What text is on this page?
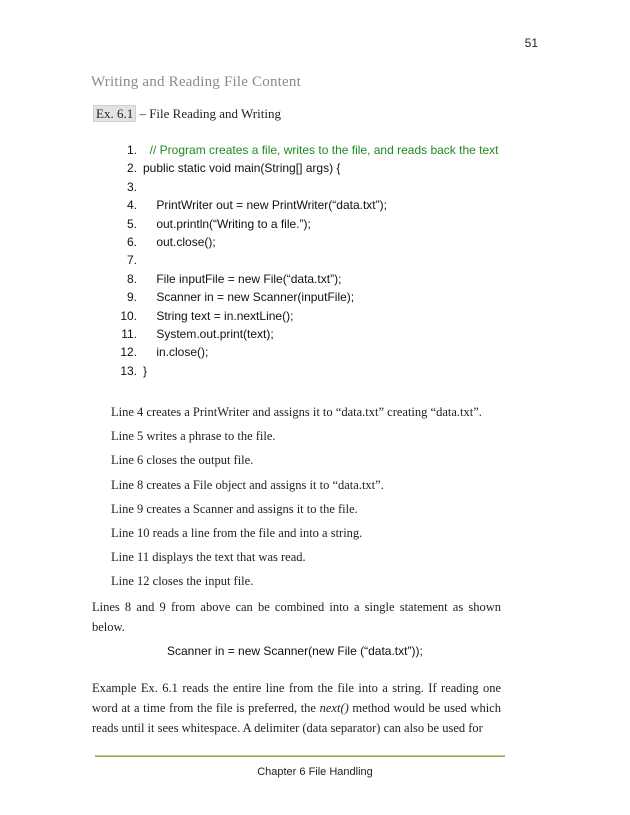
51
Writing and Reading File Content
Ex. 6.1 – File Reading and Writing
1. // Program creates a file, writes to the file, and reads back the text
2. public static void main(String[] args) {
3.
4. PrintWriter out = new PrintWriter(“data.txt”);
5. out.println(“Writing to a file.”);
6. out.close();
7.
8. File inputFile = new File(“data.txt”);
9. Scanner in = new Scanner(inputFile);
10. String text = in.nextLine();
11. System.out.print(text);
12. in.close();
13. }
Line 4 creates a PrintWriter and assigns it to “data.txt” creating “data.txt”.
Line 5 writes a phrase to the file.
Line 6 closes the output file.
Line 8 creates a File object and assigns it to “data.txt”.
Line 9 creates a Scanner and assigns it to the file.
Line 10 reads a line from the file and into a string.
Line 11 displays the text that was read.
Line 12 closes the input file.
Lines 8 and 9 from above can be combined into a single statement as shown below.
Scanner in = new Scanner(new File (“data.txt”));
Example Ex. 6.1 reads the entire line from the file into a string. If reading one word at a time from the file is preferred, the next() method would be used which reads until it sees whitespace. A delimiter (data separator) can also be used for
Chapter 6 File Handling
